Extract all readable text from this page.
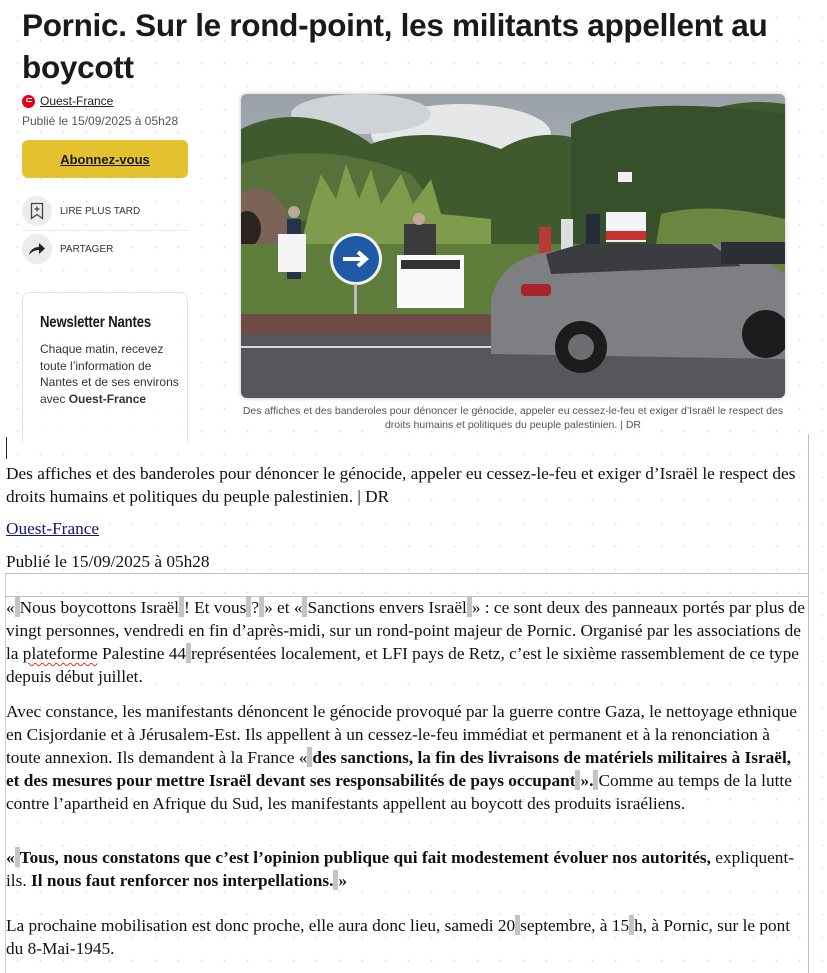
Pornic. Sur le rond-point, les militants appellent au boycott
Ouest-France
Publié le 15/09/2025 à 05h28
Abonnez-vous
LIRE PLUS TARD
PARTAGER
Newsletter Nantes

Chaque matin, recevez toute l’information de Nantes et de ses environs avec Ouest-France

Des affiches et des banderoles pour dénoncer le génocide, appeler eu cessez-le-feu et exiger d’Israël le respect des droits humains et politiques du peuple palestinien. | DR

Des affiches et des banderoles pour dénoncer le génocide, appeler eu cessez-le-feu et exiger d’Israël le respect des droits humains et politiques du peuple palestinien. | DR

Ouest-France

Publié le 15/09/2025 à 05h28

« Nous boycottons Israël ! Et vous ? » et « Sanctions envers Israël » : ce sont deux des panneaux portés par plus de vingt personnes, vendredi en fin d’après-midi, sur un rond-point majeur de Pornic. Organisé par les associations de la plateforme Palestine 44 représentées localement, et LFI pays de Retz, c’est le sixième rassemblement de ce type depuis début juillet.

Avec constance, les manifestants dénoncent le génocide provoqué par la guerre contre Gaza, le nettoyage ethnique en Cisjordanie et à Jérusalem-Est. Ils appellent à un cessez-le-feu immédiat et permanent et à la renonciation à toute annexion. Ils demandent à la France « des sanctions, la fin des livraisons de matériels militaires à Israël, et des mesures pour mettre Israël devant ses responsabilités de pays occupant ». Comme au temps de la lutte contre l’apartheid en Afrique du Sud, les manifestants appellent au boycott des produits israéliens.

« Tous, nous constatons que c’est l’opinion publique qui fait modestement évoluer nos autorités, expliquent-ils. Il nous faut renforcer nos interpellations. »

La prochaine mobilisation est donc proche, elle aura donc lieu, samedi 20 septembre, à 15 h, à Pornic, sur le pont du 8-Mai-1945.
